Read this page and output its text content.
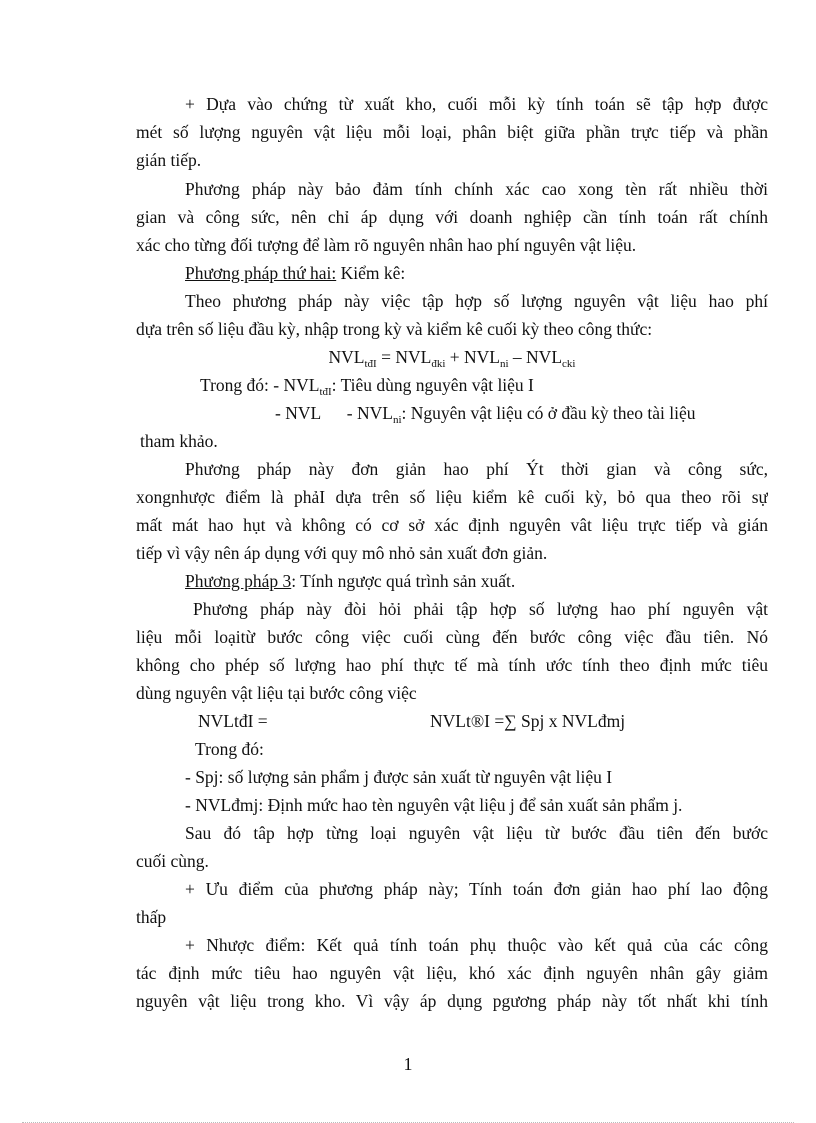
+ Dựa vào chứng từ xuất kho, cuối mỗi kỳ tính toán sẽ tập hợp được
mét số lượng nguyên vật liệu mỗi loại, phân biệt giữa phần trực tiếp và phần
gián tiếp.
Phương pháp này bảo đảm tính chính xác cao xong tèn rất nhiều thời
gian và công sức, nên chỉ áp dụng với doanh nghiệp cần tính toán rất chính
xác cho từng đối tượng để làm rõ nguyên nhân hao phí nguyên vật liệu.
Phương pháp thứ hai: Kiểm kê:
Theo phương pháp này việc tập hợp số lượng nguyên vật liệu hao phí
dựa trên số liệu đầu kỳ, nhập trong kỳ và kiểm kê cuối kỳ theo công thức:
$NVL_{tđI} = NVL_{đki} + NVL_{ni} - NVL_{cki}$
Trong đó: - $NVL_{tđI}$: Tiêu dùng nguyên vật liệu I
- NVL      - $NVL_{ni}$: Nguyên vật liệu có ở đầu kỳ theo tài liệu
tham khảo.
Phương pháp này đơn giản hao phí Ýt thời gian và công sức,
xongnhược điểm là phảI dựa trên số liệu kiểm kê cuối kỳ, bỏ qua theo rõi sự
mất mát hao hụt và không có cơ sở xác định nguyên vât liệu trực tiếp và gián
tiếp vì vậy nên áp dụng với quy mô nhỏ sản xuất đơn giản.
Phương pháp 3: Tính ngược quá trình sản xuất.
Phương pháp này đòi hỏi phải tập hợp số lượng hao phí nguyên vật
liệu mỗi loạitừ bước công việc cuối cùng đến bước công việc đầu tiên. Nó
không cho phép số lượng hao phí thực tế mà tính ước tính theo định mức tiêu
dùng nguyên vật liệu tại bước công việc
NVLtđI =	NVLt®I =∑ Spj x NVLđmj
Trong đó:
- Spj: số lượng sản phẩm j được sản xuất từ nguyên vật liệu I
- NVLđmj: Định mức hao tèn nguyên vật liệu j để sản xuất sản phẩm j.
Sau đó tâp hợp từng loại nguyên vật liệu từ bước đầu tiên đến bước
cuối cùng.
+ Ưu điểm của phương pháp này; Tính toán đơn giản hao phí lao động
thấp
+ Nhược điểm: Kết quả tính toán phụ thuộc vào kết quả của các công
tác định mức tiêu hao nguyên vật liệu, khó xác định nguyên nhân gây giảm
nguyên vật liệu trong kho. Vì vậy áp dụng pgương pháp này tốt nhất khi tính
1
